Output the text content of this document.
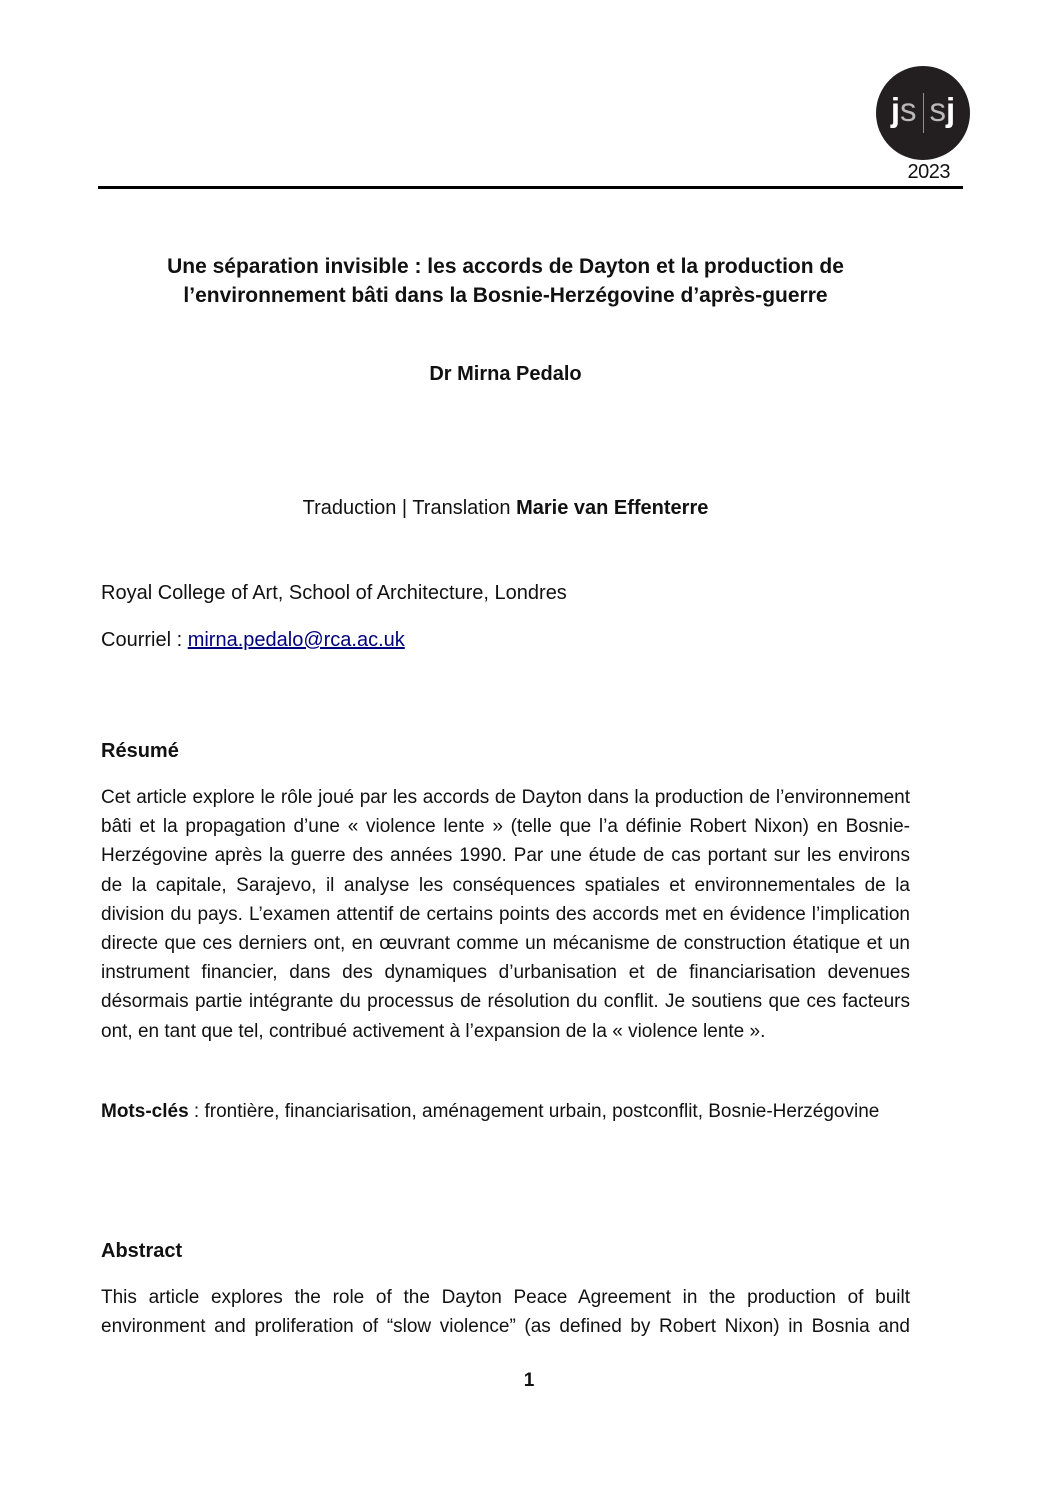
j s s j
2023
Une séparation invisible : les accords de Dayton et la production de
l’environnement bâti dans la Bosnie-Herzégovine d’après-guerre
Dr Mirna Pedalo
Traduction | Translation Marie van Effenterre
Royal College of Art, School of Architecture, Londres
Courriel : mirna.pedalo@rca.ac.uk
Résumé
Cet article explore le rôle joué par les accords de Dayton dans la production de l’environnement bâti et la propagation d’une « violence lente » (telle que l’a définie Robert Nixon) en Bosnie-Herzégovine après la guerre des années 1990. Par une étude de cas portant sur les environs de la capitale, Sarajevo, il analyse les conséquences spatiales et environnementales de la division du pays. L’examen attentif de certains points des accords met en évidence l’implication directe que ces derniers ont, en œuvrant comme un mécanisme de construction étatique et un instrument financier, dans des dynamiques d’urbanisation et de financiarisation devenues désormais partie intégrante du processus de résolution du conflit. Je soutiens que ces facteurs ont, en tant que tel, contribué activement à l’expansion de la « violence lente ».
Mots-clés : frontière, financiarisation, aménagement urbain, postconflit, Bosnie-Herzégovine
Abstract
This article explores the role of the Dayton Peace Agreement in the production of built environment and proliferation of “slow violence” (as defined by Robert Nixon) in Bosnia and
1
